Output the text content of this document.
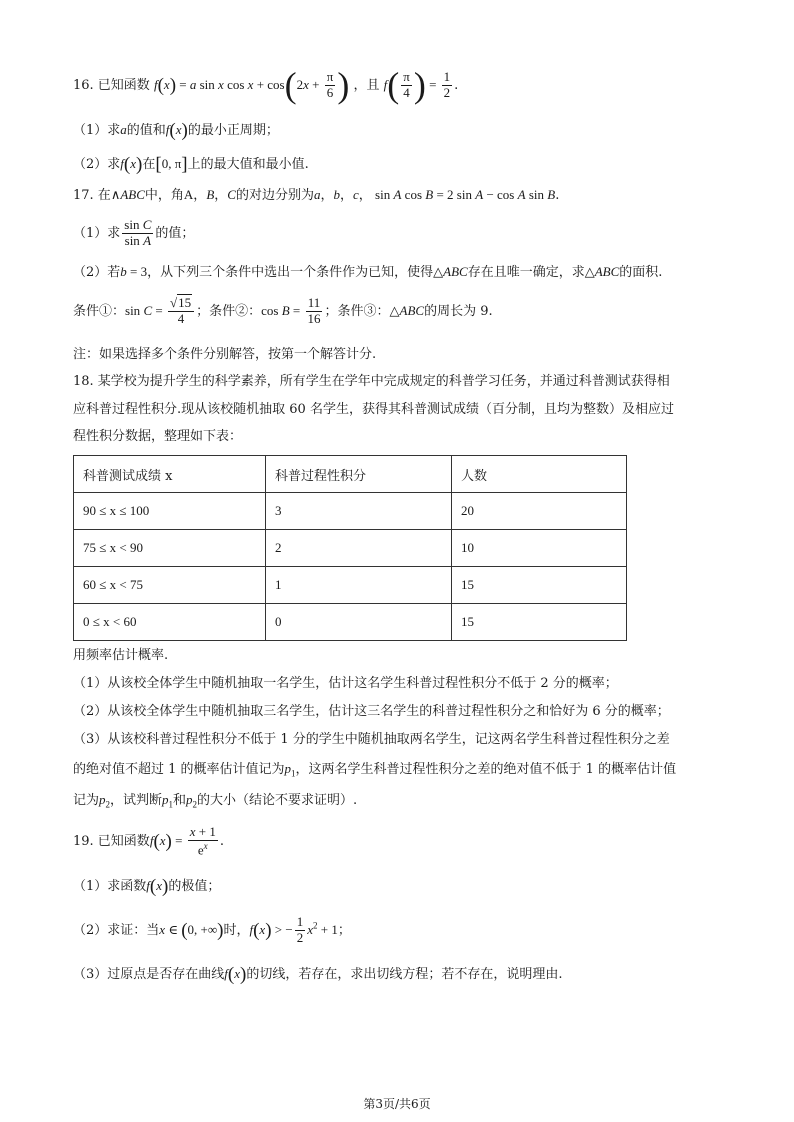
16. 已知函数 f(x) = a sin x $\cos x + \cos(2x + \frac{\pi}{6}$ ) ，且 $f( \frac{\pi}{4}$ ) = $\frac{1}{2}$ .
（1）求a的值和f(x)的最小正周期；
（2）求f(x)在[0, π]上的最大值和最小值.
17. 在∧ABC中，角A，B，C的对边分别为a，b，c， sin A cos B = 2 sin A − cos A sin B.
（1）求 $\frac{\text{sin C}}{\text{sin A}}$ 的值；
（2）若b = 3，从下列三个条件中选出一个条件作为已知，使得△ABC存在且唯一确定，求△ABC的面积.
条件①：$\sin C = \frac{√15}{4}$ ；条件②：$\cos B = \frac{11}{16}$ ；条件③：△ABC的周长为 9.
注：如果选择多个条件分别解答，按第一个解答计分.
18. 某学校为提升学生的科学素养，所有学生在学年中完成规定的科普学习任务，并通过科普测试获得相
应科普过程性积分.现从该校随机抽取 60 名学生，获得其科普测试成绩（百分制，且均为整数）及相应过
程性积分数据，整理如下表：
科普测试成绩 x	科普过程性积分	人数
90 ≤ x ≤ 100	3	20
75 ≤ x < 90	2	10
60 ≤ x < 75	1	15
0 ≤ x < 60	0	15
用频率估计概率.
（1）从该校全体学生中随机抽取一名学生，估计这名学生科普过程性积分不低于 2 分的概率；
（2）从该校全体学生中随机抽取三名学生，估计这三名学生的科普过程性积分之和恰好为 6 分的概率；
（3）从该校科普过程性积分不低于 1 分的学生中随机抽取两名学生，记这两名学生科普过程性积分之差
的绝对值不超过 1 的概率估计值记为$p_1$，这两名学生科普过程性积分之差的绝对值不低于 1 的概率估计值
记为$p_2$，试判断$p_1$和$p_2$的大小（结论不要求证明）.
19. 已知函数$f(x) = \frac{x + 1}{e^x}$ .
（1）求函数f(x)的极值；
（2）求证：当x ∈ (0, +∞)时，f(x) > − $\frac{1}{2} x^2 + 1$；
（3）过原点是否存在曲线f(x)的切线，若存在，求出切线方程；若不存在，说明理由.
第3页/共6页
